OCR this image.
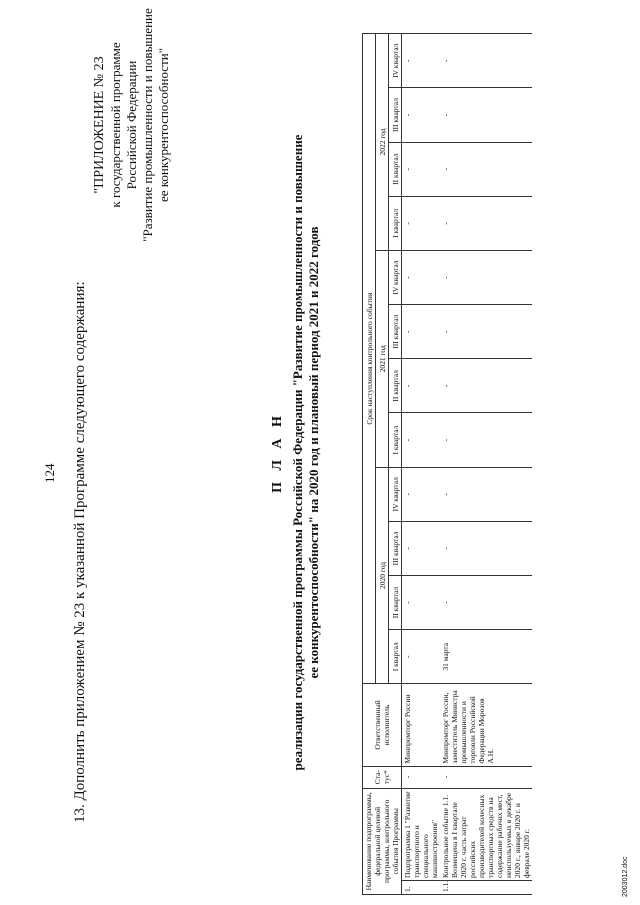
124 13. Дополнить приложением № 23 к указанной Программе следующего содержания:
"ПРИЛОЖЕНИЕ № 23 к государственной программе Российской Федерации "Развитие промышленности и повышение ее конкурентоспособности"
П Л А Н реализации государственной программы Российской Федерации "Развитие промышленности и повышение ее конкурентоспособности" на 2020 год и плановый период 2021 и 2022 годов
Наименование подпрограммы, федеральной целевой программы, контрольного события Программы		Ста-тус*	Ответственный исполнитель	Срок наступления контрольного события											
				2020 год				2021 год				2022 год			
				I квартал	II квартал	III квартал	IV квартал	I квартал	II квартал	III квартал	IV квартал	I квартал	II квартал	III квартал	IV квартал
1.	Подпрограмма 1 "Развитие транспортного и специального машиностроения"	-	Минпромторг России	-	-	-	-	-	-	-	-	-	-	-	-
1.1.	Контрольное событие 1.1. Возмещена в I квартале 2020 г. часть затрат российских производителей колесных транспортных средств на содержание рабочих мест, неиспользуемых в декабре 2020 г., январе 2020 г. и феврале 2020 г.	-	Минпромторг России, заместитель Министра промышленности и торговли Российской Федерации Морозов А.Н.	31 марта	-	-	-	-	-	-	-	-	-	-	-
2003012.doc
